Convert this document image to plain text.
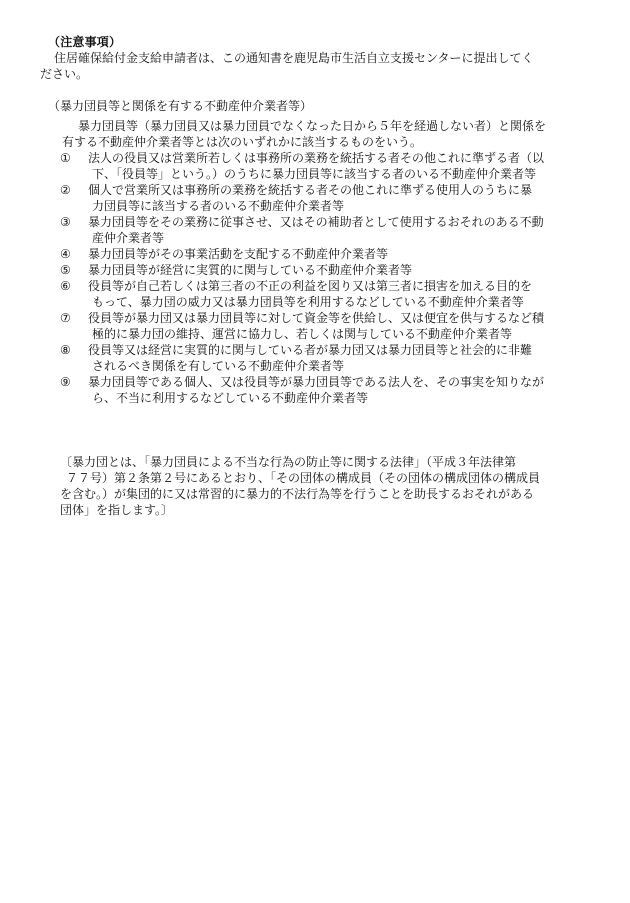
（注意事項）
住居確保給付金支給申請者は、この通知書を鹿児島市生活自立支援センターに提出してく
ださい。
（暴力団員等と関係を有する不動産仲介業者等）
暴力団員等（暴力団員又は暴力団員でなくなった日から５年を経過しない者）と関係を
有する不動産仲介業者等とは次のいずれかに該当するものをいう。
①	法人の役員又は営業所若しくは事務所の業務を統括する者その他これに準ずる者（以
下、「役員等」という。）のうちに暴力団員等に該当する者のいる不動産仲介業者等
②	個人で営業所又は事務所の業務を統括する者その他これに準ずる使用人のうちに暴
力団員等に該当する者のいる不動産仲介業者等
③	暴力団員等をその業務に従事させ、又はその補助者として使用するおそれのある不動
産仲介業者等
④	暴力団員等がその事業活動を支配する不動産仲介業者等
⑤	暴力団員等が経営に実質的に関与している不動産仲介業者等
⑥	役員等が自己若しくは第三者の不正の利益を図り又は第三者に損害を加える目的を
もって、暴力団の威力又は暴力団員等を利用するなどしている不動産仲介業者等
⑦	役員等が暴力団又は暴力団員等に対して資金等を供給し、又は便宜を供与するなど積
極的に暴力団の維持、運営に協力し、若しくは関与している不動産仲介業者等
⑧	役員等又は経営に実質的に関与している者が暴力団又は暴力団員等と社会的に非難
されるべき関係を有している不動産仲介業者等
⑨	暴力団員等である個人、又は役員等が暴力団員等である法人を、その事実を知りなが
ら、不当に利用するなどしている不動産仲介業者等
〔暴力団とは、「暴力団員による不当な行為の防止等に関する法律」（平成３年法律第
７７号）第２条第２号にあるとおり、「その団体の構成員（その団体の構成団体の構成員
を含む。）が集団的に又は常習的に暴力的不法行為等を行うことを助長するおそれがある
団体」を指します。〕
